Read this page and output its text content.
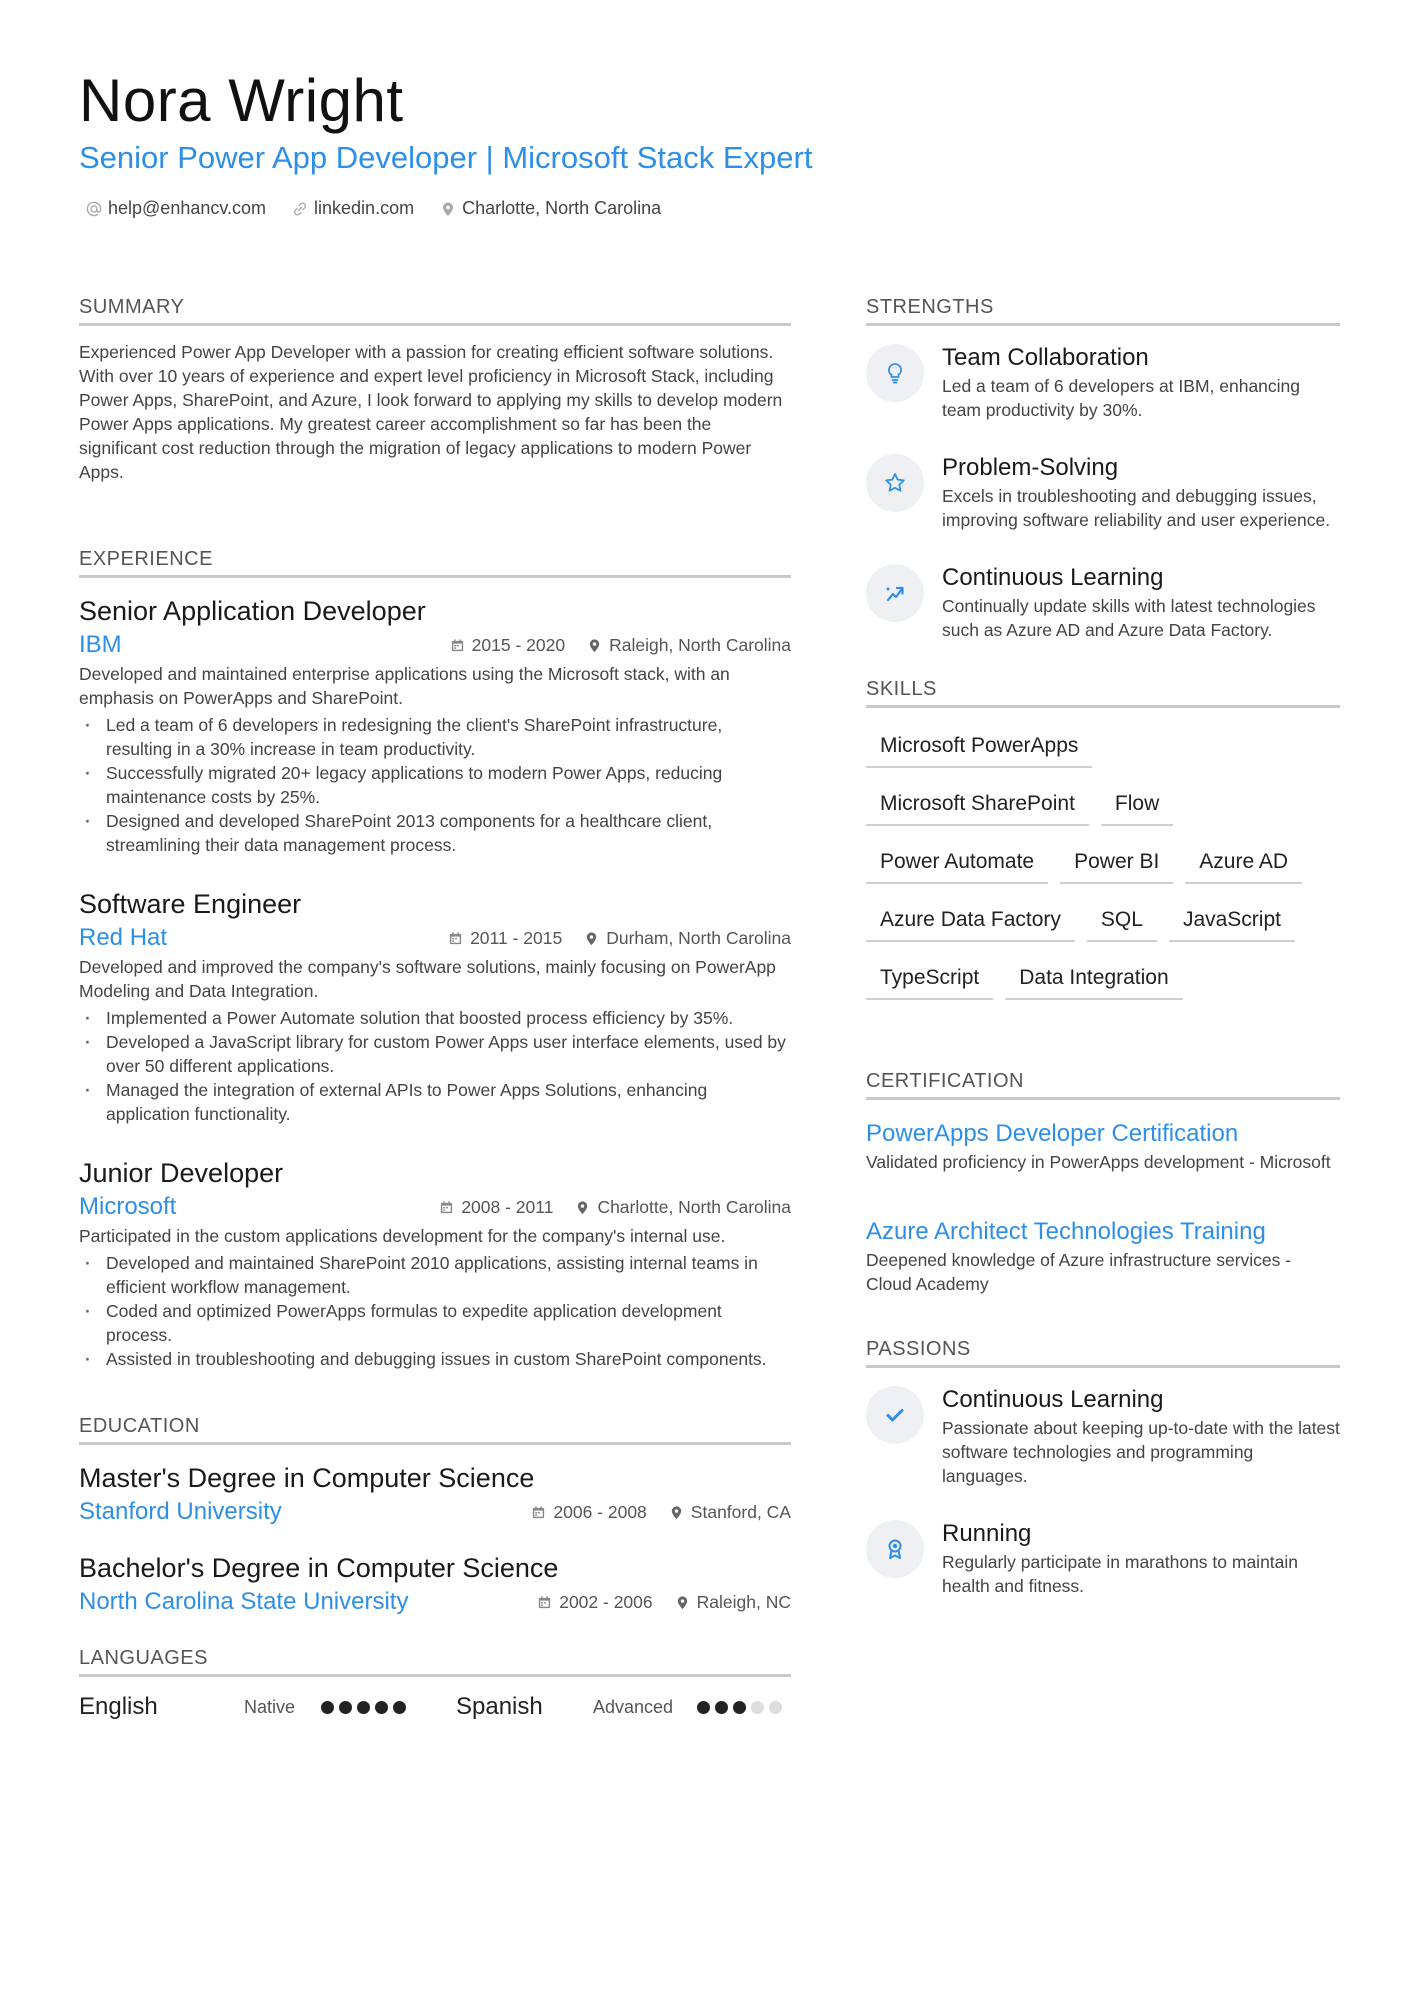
Nora Wright
Senior Power App Developer | Microsoft Stack Expert
help@enhancv.com	linkedin.com	Charlotte, North Carolina
SUMMARY
Experienced Power App Developer with a passion for creating efficient software solutions. With over 10 years of experience and expert level proficiency in Microsoft Stack, including Power Apps, SharePoint, and Azure, I look forward to applying my skills to develop modern Power Apps applications. My greatest career accomplishment so far has been the significant cost reduction through the migration of legacy applications to modern Power Apps.
EXPERIENCE
Senior Application Developer
IBM	2015 - 2020	Raleigh, North Carolina
Developed and maintained enterprise applications using the Microsoft stack, with an emphasis on PowerApps and SharePoint.
· Led a team of 6 developers in redesigning the client's SharePoint infrastructure, resulting in a 30% increase in team productivity.
· Successfully migrated 20+ legacy applications to modern Power Apps, reducing maintenance costs by 25%.
· Designed and developed SharePoint 2013 components for a healthcare client, streamlining their data management process.
Software Engineer
Red Hat	2011 - 2015	Durham, North Carolina
Developed and improved the company's software solutions, mainly focusing on PowerApp Modeling and Data Integration.
· Implemented a Power Automate solution that boosted process efficiency by 35%.
· Developed a JavaScript library for custom Power Apps user interface elements, used by over 50 different applications.
· Managed the integration of external APIs to Power Apps Solutions, enhancing application functionality.
Junior Developer
Microsoft	2008 - 2011	Charlotte, North Carolina
Participated in the custom applications development for the company's internal use.
· Developed and maintained SharePoint 2010 applications, assisting internal teams in efficient workflow management.
· Coded and optimized PowerApps formulas to expedite application development process.
· Assisted in troubleshooting and debugging issues in custom SharePoint components.
EDUCATION
Master's Degree in Computer Science
Stanford University	2006 - 2008	Stanford, CA
Bachelor's Degree in Computer Science
North Carolina State University	2002 - 2006	Raleigh, NC
LANGUAGES
English	Native	Spanish	Advanced
STRENGTHS
Team Collaboration
Led a team of 6 developers at IBM, enhancing team productivity by 30%.
Problem-Solving
Excels in troubleshooting and debugging issues, improving software reliability and user experience.
Continuous Learning
Continually update skills with latest technologies such as Azure AD and Azure Data Factory.
SKILLS
Microsoft PowerApps
Microsoft SharePoint	Flow
Power Automate	Power BI	Azure AD
Azure Data Factory	SQL	JavaScript
TypeScript	Data Integration
CERTIFICATION
PowerApps Developer Certification
Validated proficiency in PowerApps development - Microsoft
Azure Architect Technologies Training
Deepened knowledge of Azure infrastructure services - Cloud Academy
PASSIONS
Continuous Learning
Passionate about keeping up-to-date with the latest software technologies and programming languages.
Running
Regularly participate in marathons to maintain health and fitness.
